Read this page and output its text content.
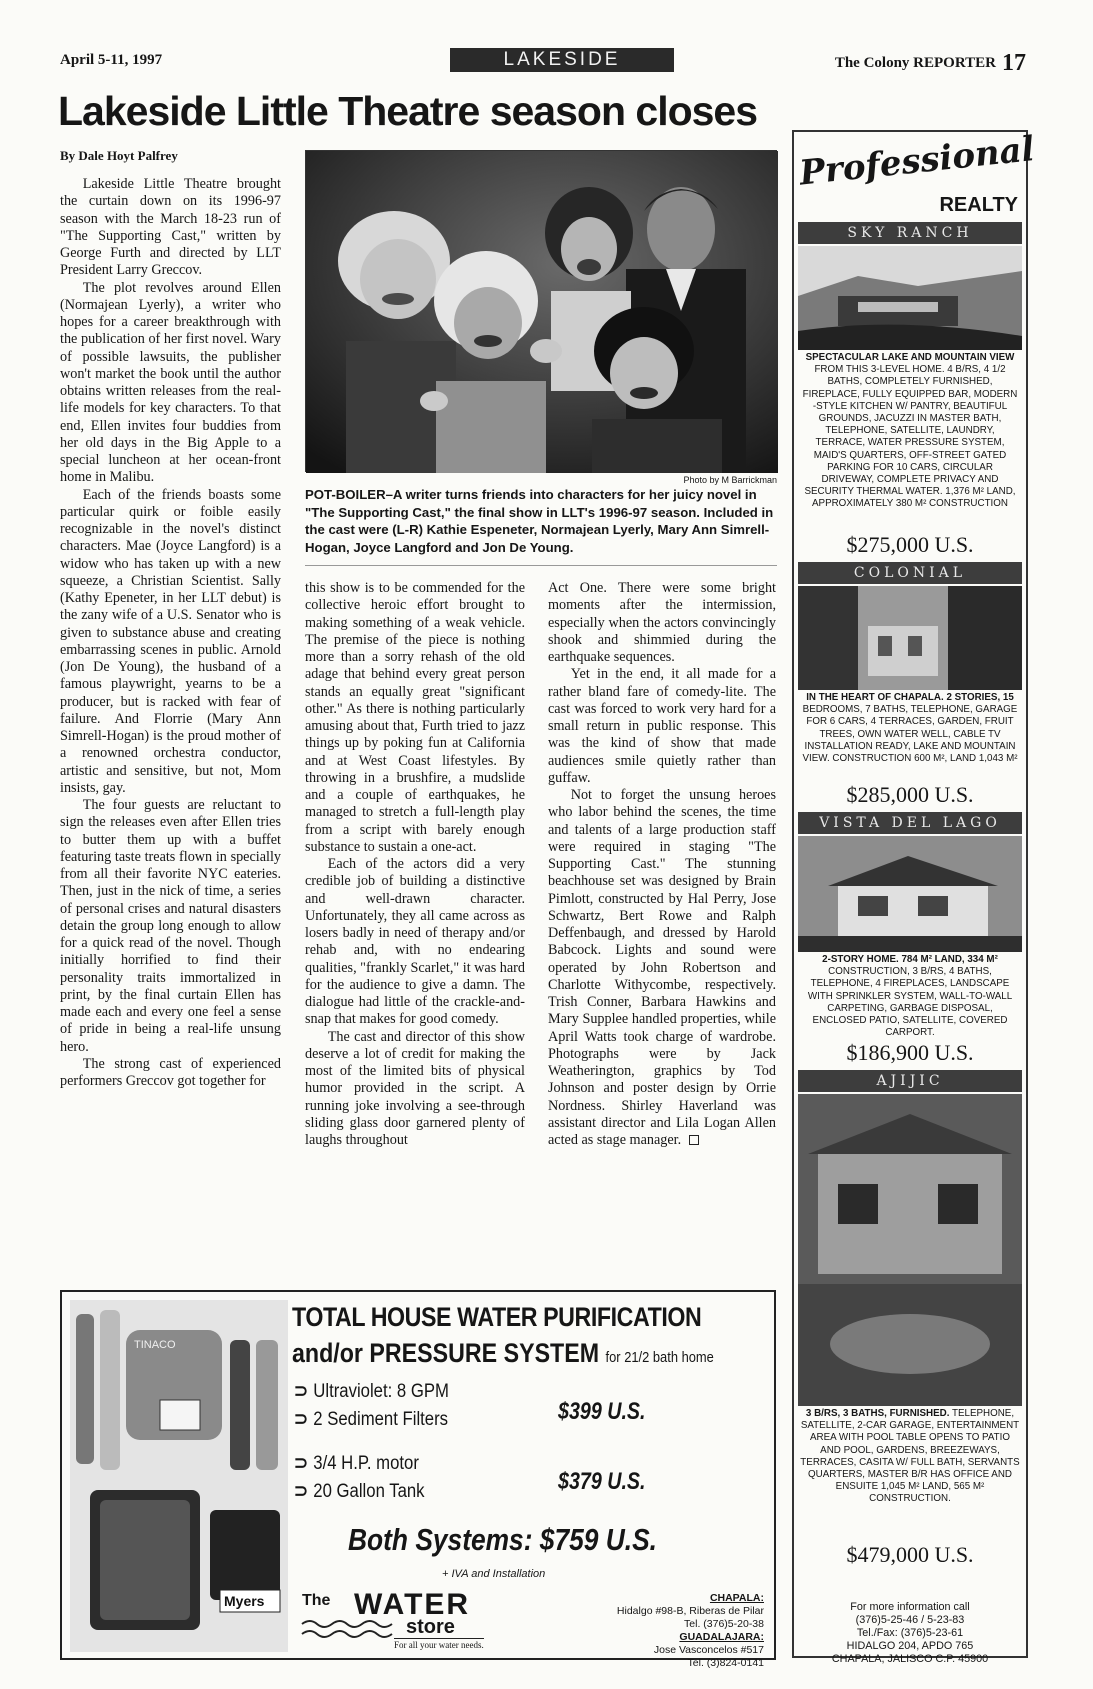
April 5-11, 1997	LAKESIDE	The Colony REPORTER 17
Lakeside Little Theatre season closes
By Dale Hoyt Palfrey

Lakeside Little Theatre brought the curtain down on its 1996-97 season with the March 18-23 run of "The Supporting Cast," written by George Furth and directed by LLT President Larry Greccov.

The plot revolves around Ellen (Normajean Lyerly), a writer who hopes for a career breakthrough with the publication of her first novel. Wary of possible lawsuits, the publisher won't market the book until the author obtains written releases from the real-life models for key characters. To that end, Ellen invites four buddies from her old days in the Big Apple to a special luncheon at her ocean-front home in Malibu.

Each of the friends boasts some particular quirk or foible easily recognizable in the novel's distinct characters. Mae (Joyce Langford) is a widow who has taken up with a new squeeze, a Christian Scientist. Sally (Kathy Epeneter, in her LLT debut) is the zany wife of a U.S. Senator who is given to substance abuse and creating embarrassing scenes in public. Arnold (Jon De Young), the husband of a famous playwright, yearns to be a producer, but is racked with fear of failure. And Florrie (Mary Ann Simrell-Hogan) is the proud mother of a renowned orchestra conductor, artistic and sensitive, but not, Mom insists, gay.

The four guests are reluctant to sign the releases even after Ellen tries to butter them up with a buffet featuring taste treats flown in specially from all their favorite NYC eateries. Then, just in the nick of time, a series of personal crises and natural disasters detain the group long enough to allow for a quick read of the novel. Though initially horrified to find their personality traits immortalized in print, by the final curtain Ellen has made each and every one feel a sense of pride in being a real-life unsung hero.

The strong cast of experienced performers Greccov got together for

Photo by M Barrickman
POT-BOILER–A writer turns friends into characters for her juicy novel in "The Supporting Cast," the final show in LLT's 1996-97 season. Included in the cast were (L-R) Kathie Espeneter, Normajean Lyerly, Mary Ann Simrell-Hogan, Joyce Langford and Jon De Young.

this show is to be commended for the collective heroic effort brought to making something of a weak vehicle. The premise of the piece is nothing more than a sorry rehash of the old adage that behind every great person stands an equally great "significant other." As there is nothing particularly amusing about that, Furth tried to jazz things up by poking fun at California and at West Coast lifestyles. By throwing in a brushfire, a mudslide and a couple of earthquakes, he managed to stretch a full-length play from a script with barely enough substance to sustain a one-act.

Each of the actors did a very credible job of building a distinctive and well-drawn character. Unfortunately, they all came across as losers badly in need of therapy and/or rehab and, with no endearing qualities, "frankly Scarlet," it was hard for the audience to give a damn. The dialogue had little of the crackle-and-snap that makes for good comedy.

The cast and director of this show deserve a lot of credit for making the most of the limited bits of physical humor provided in the script. A running joke involving a see-through sliding glass door garnered plenty of laughs throughout

Act One. There were some bright moments after the intermission, especially when the actors convincingly shook and shimmied during the earthquake sequences.

Yet in the end, it all made for a rather bland fare of comedy-lite. The cast was forced to work very hard for a small return in public response. This was the kind of show that made audiences smile quietly rather than guffaw.

Not to forget the unsung heroes who labor behind the scenes, the time and talents of a large production staff were required in staging "The Supporting Cast." The stunning beachhouse set was designed by Brain Pimlott, constructed by Hal Perry, Jose Schwartz, Bert Rowe and Ralph Deffenbaugh, and dressed by Harold Babcock. Lights and sound were operated by John Robertson and Charlotte Withycombe, respectively. Trish Conner, Barbara Hawkins and Mary Supplee handled properties, while April Watts took charge of wardrobe. Photographs were by Jack Weatherington, graphics by Tod Johnson and poster design by Orrie Nordness. Shirley Haverland was assistant director and Lila Logan Allen acted as stage manager.

Professional
REALTY
SKY RANCH
SPECTACULAR LAKE AND MOUNTAIN VIEW FROM THIS 3-LEVEL HOME. 4 B/RS, 4 1/2 BATHS, COMPLETELY FURNISHED, FIREPLACE, FULLY EQUIPPED BAR, MODERN -STYLE KITCHEN W/ PANTRY, BEAUTIFUL GROUNDS, JACUZZI IN MASTER BATH, TELEPHONE, SATELLITE, LAUNDRY, TERRACE, WATER PRESSURE SYSTEM, MAID'S QUARTERS, OFF-STREET GATED PARKING FOR 10 CARS, CIRCULAR DRIVEWAY, COMPLETE PRIVACY AND SECURITY THERMAL WATER. 1,376 M² LAND, APPROXIMATELY 380 M² CONSTRUCTION
$275,000 U.S.
COLONIAL
IN THE HEART OF CHAPALA. 2 STORIES, 15 BEDROOMS, 7 BATHS, TELEPHONE, GARAGE FOR 6 CARS, 4 TERRACES, GARDEN, FRUIT TREES, OWN WATER WELL, CABLE TV INSTALLATION READY, LAKE AND MOUNTAIN VIEW. CONSTRUCTION 600 M², LAND 1,043 M²
$285,000 U.S.
VISTA DEL LAGO
2-STORY HOME. 784 M² LAND, 334 M² CONSTRUCTION, 3 B/RS, 4 BATHS, TELEPHONE, 4 FIREPLACES, LANDSCAPE WITH SPRINKLER SYSTEM, WALL-TO-WALL CARPETING, GARBAGE DISPOSAL, ENCLOSED PATIO, SATELLITE, COVERED CARPORT.
$186,900 U.S.
AJIJIC
3 B/RS, 3 BATHS, FURNISHED. TELEPHONE, SATELLITE, 2-CAR GARAGE, ENTERTAINMENT AREA WITH POOL TABLE OPENS TO PATIO AND POOL, GARDENS, BREEZEWAYS, TERRACES, CASITA W/ FULL BATH, SERVANTS QUARTERS, MASTER B/R HAS OFFICE AND ENSUITE 1,045 M² LAND, 565 M² CONSTRUCTION.
$479,000 U.S.
For more information call
(376)5-25-46 / 5-23-83
Tel./Fax: (376)5-23-61
HIDALGO 204, APDO 765
CHAPALA, JALISCO C.P. 45900
TINACO
Myers
TOTAL HOUSE WATER PURIFICATION
and/or PRESSURE SYSTEM for 21/2 bath home
⊃ Ultraviolet: 8 GPM
⊃ 2 Sediment Filters
⊃ 3/4 H.P. motor
⊃ 20 Gallon Tank
$399 U.S.
$379 U.S.
Both Systems: $759 U.S.
+ IVA and Installation
The WATER
store
For all your water needs.
CHAPALA:
Hidalgo #98-B, Riberas de Pilar
Tel. (376)5-20-38
GUADALAJARA:
Jose Vasconcelos #517
Tel. (3)824-0141
